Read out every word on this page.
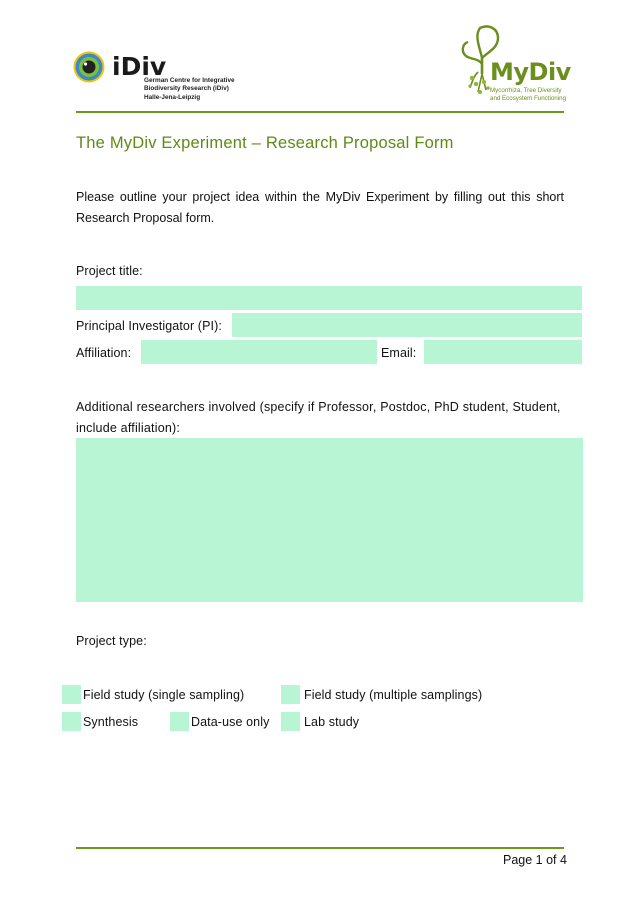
iDiv
German Centre for Integrative
Biodiversity Research (iDiv)
Halle-Jena-Leipzig
MyDiv
Mycorrhiza, Tree Diversity
and Ecosystem Functioning
The MyDiv Experiment – Research Proposal Form
Please outline your project idea within the MyDiv Experiment by filling out this short Research Proposal form.
Project title:
Principal Investigator (PI):
Affiliation:	Email:
Additional researchers involved (specify if Professor, Postdoc, PhD student, Student, include affiliation):
Project type:
Field study (single sampling)	Field study (multiple samplings)
Synthesis	Data-use only	Lab study
Page 1 of 4
